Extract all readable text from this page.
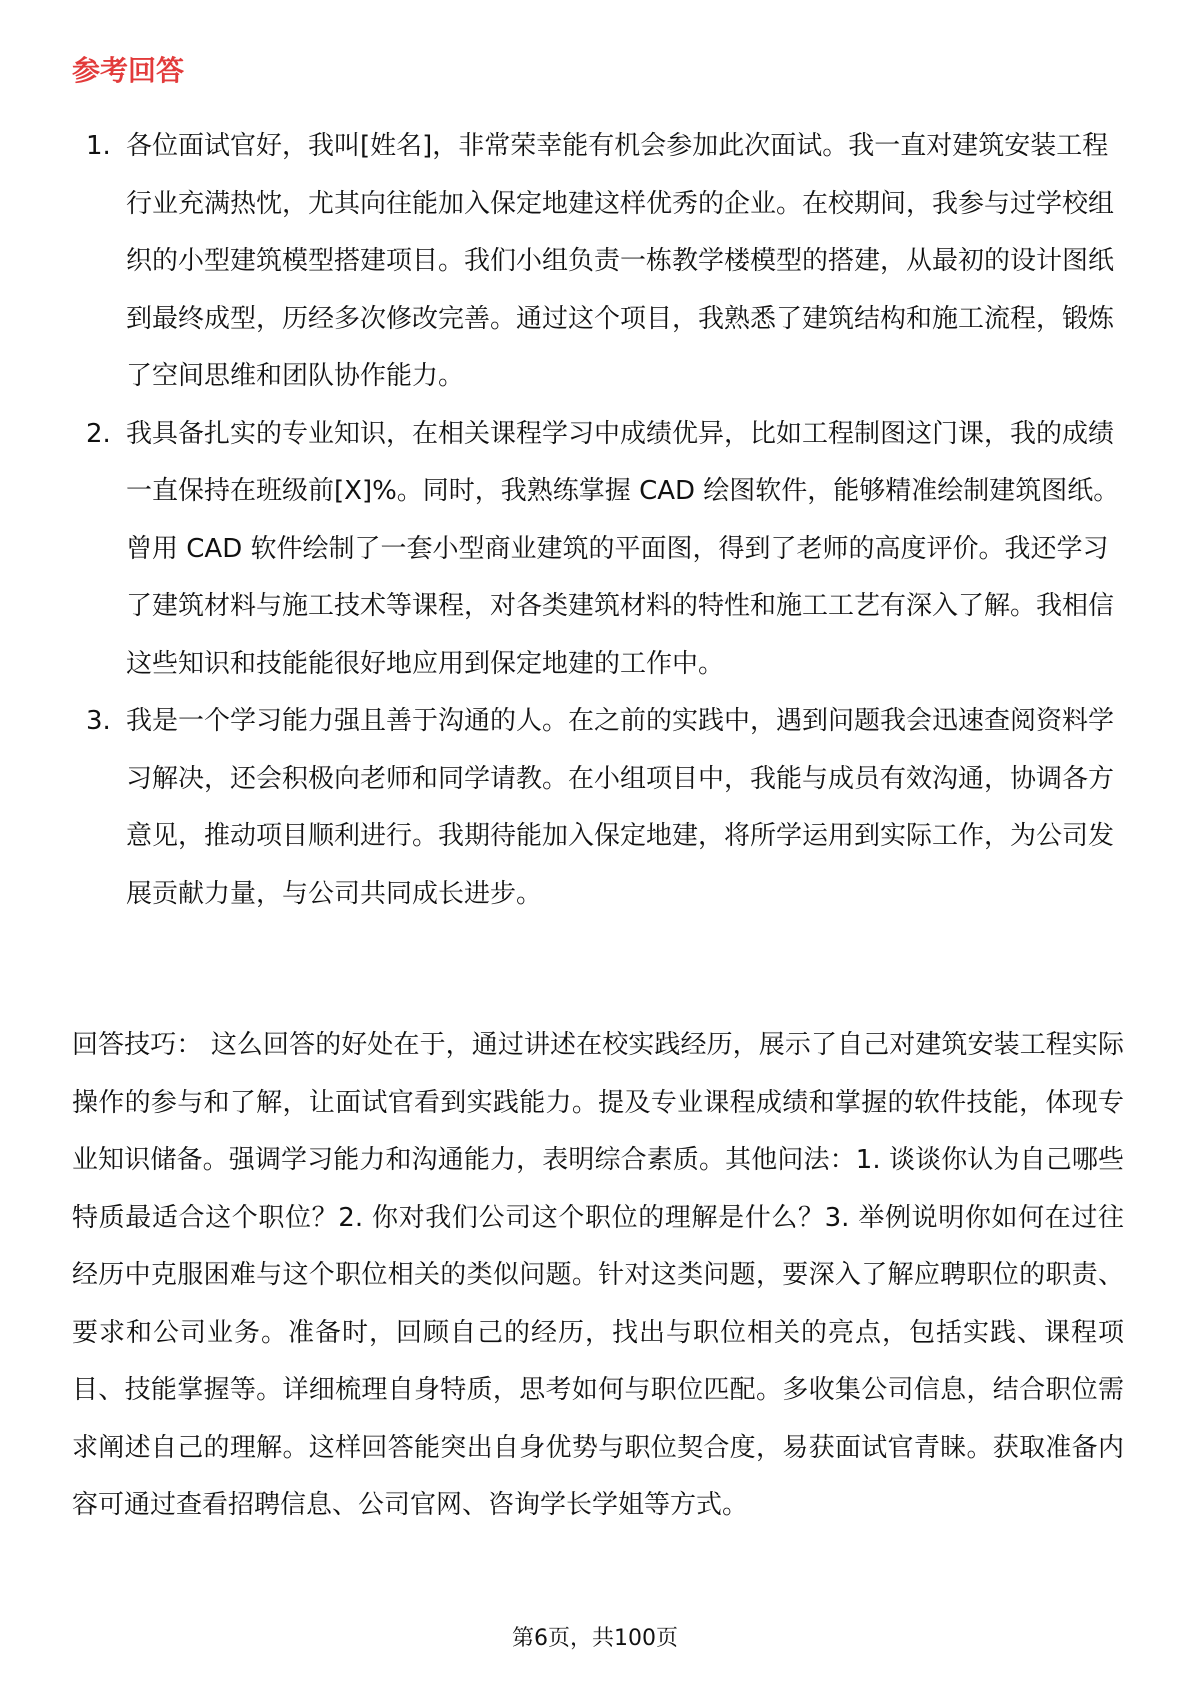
参考回答
1. 各位面试官好，我叫[姓名]，非常荣幸能有机会参加此次面试。我一直对建筑安装工程行业充满热忱，尤其向往能加入保定地建这样优秀的企业。在校期间，我参与过学校组织的小型建筑模型搭建项目。我们小组负责一栋教学楼模型的搭建，从最初的设计图纸到最终成型，历经多次修改完善。通过这个项目，我熟悉了建筑结构和施工流程，锻炼了空间思维和团队协作能力。
2. 我具备扎实的专业知识，在相关课程学习中成绩优异，比如工程制图这门课，我的成绩一直保持在班级前[X]%。同时，我熟练掌握 CAD 绘图软件，能够精准绘制建筑图纸。曾用 CAD 软件绘制了一套小型商业建筑的平面图，得到了老师的高度评价。我还学习了建筑材料与施工技术等课程，对各类建筑材料的特性和施工工艺有深入了解。我相信这些知识和技能能很好地应用到保定地建的工作中。
3. 我是一个学习能力强且善于沟通的人。在之前的实践中，遇到问题我会迅速查阅资料学习解决，还会积极向老师和同学请教。在小组项目中，我能与成员有效沟通，协调各方意见，推动项目顺利进行。我期待能加入保定地建，将所学运用到实际工作，为公司发展贡献力量，与公司共同成长进步。

回答技巧： 这么回答的好处在于，通过讲述在校实践经历，展示了自己对建筑安装工程实际操作的参与和了解，让面试官看到实践能力。提及专业课程成绩和掌握的软件技能，体现专业知识储备。强调学习能力和沟通能力，表明综合素质。其他问法：1. 谈谈你认为自己哪些特质最适合这个职位？2. 你对我们公司这个职位的理解是什么？3. 举例说明你如何在过往经历中克服困难与这个职位相关的类似问题。针对这类问题，要深入了解应聘职位的职责、要求和公司业务。准备时，回顾自己的经历，找出与职位相关的亮点，包括实践、课程项目、技能掌握等。详细梳理自身特质，思考如何与职位匹配。多收集公司信息，结合职位需求阐述自己的理解。这样回答能突出自身优势与职位契合度，易获面试官青睐。获取准备内容可通过查看招聘信息、公司官网、咨询学长学姐等方式。

第6页，共100页
